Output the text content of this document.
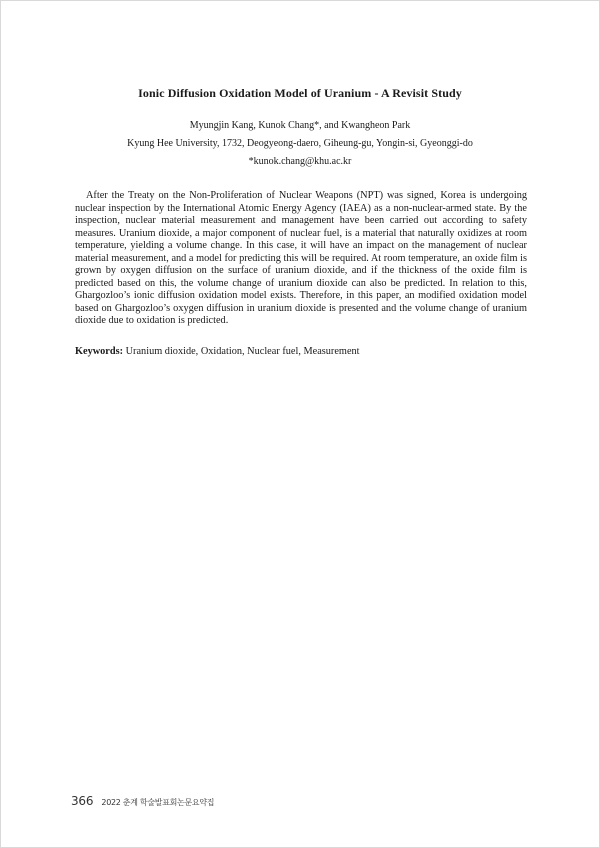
Ionic Diffusion Oxidation Model of Uranium - A Revisit Study
Myungjin Kang, Kunok Chang*, and Kwangheon Park
Kyung Hee University, 1732, Deogyeong-daero, Giheung-gu, Yongin-si, Gyeonggi-do
*kunok.chang@khu.ac.kr

After the Treaty on the Non-Proliferation of Nuclear Weapons (NPT) was signed, Korea is undergoing nuclear inspection by the International Atomic Energy Agency (IAEA) as a non-nuclear-armed state. By the inspection, nuclear material measurement and management have been carried out according to safety measures. Uranium dioxide, a major component of nuclear fuel, is a material that naturally oxidizes at room temperature, yielding a volume change. In this case, it will have an impact on the management of nuclear material measurement, and a model for predicting this will be required. At room temperature, an oxide film is grown by oxygen diffusion on the surface of uranium dioxide, and if the thickness of the oxide film is predicted based on this, the volume change of uranium dioxide can also be predicted. In relation to this, Ghargozloo’s ionic diffusion oxidation model exists. Therefore, in this paper, an modified oxidation model based on Ghargozloo’s oxygen diffusion in uranium dioxide is presented and the volume change of uranium dioxide due to oxidation is predicted.

Keywords: Uranium dioxide, Oxidation, Nuclear fuel, Measurement
366 2022 춘계 학술발표회논문요약집
